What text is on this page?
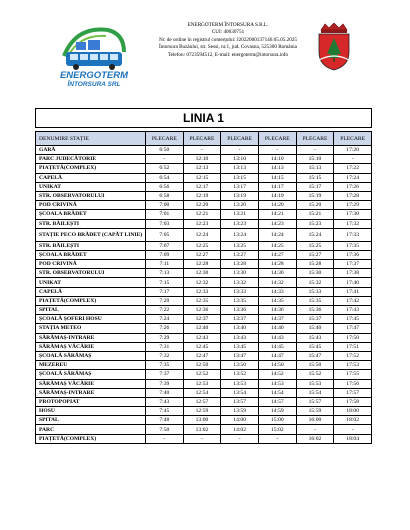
ENERGOTERM
ÎNTORSURA SRL
ENERGOTERM ÎNTORSURA S.R.L.
CUI: 40030751
Nr. de ordine în registrul comerțului: J2022000137146.05.05.2025
Întorsura Buzăului, str. Sessi, nr.1, jud. Covasna, 525300 România
Telefon: 0723594512, E-mail: energoterm@intorsura.info
LINIA 1
DENUMIRE STAȚIE	PLECARE	PLECARE	PLECARE	PLECARE	PLECARE	PLECARE
GARĂ	6:50	-	-	-	-	17:20
PARC JUDECĂTORIE	-	12:10	13:10	14:10	15:10	-
PIAȚETĂ(COMPLEX)	6:52	12:13	13:13	14:13	15:13	17:22
CAPELĂ	6:54	12:15	13:15	14:15	15:15	17:24
UNIKAT	6:56	12:17	13:17	14:17	15:17	17:26
STR. OBSERVATORULUI	6:58	12:19	13:19	14:19	15:19	17:28
POD CRIVINĂ	7:00	12:20	13:20	14:20	15:20	17:29
ȘCOALA BRĂDET	7:01	12:21	13:21	14:21	15:21	17:30
STR. BĂILEȘTI	7:03	12:23	13:23	14:23	15:23	17:32
STAȚIE PECO BRĂDET (CAPĂT LINIE)	7:05	12:24	13:24	14:24	15:24	17:33
STR. BĂILEȘTI	7:07	12:25	13:25	14:25	15:25	17:35
ȘCOALA BRĂDET	7:09	12:27	13:27	14:27	15:27	17:36
POD CRIVINĂ	7:11	12:28	13:28	14:28	15:28	17:37
STR. OBSERVATORULUI	7:13	12:30	13:30	14:30	15:30	17:38
UNIKAT	7:15	12:32	13:32	14:32	15:32	17:40
CAPELĂ	7:17	12:33	13:33	14:33	15:33	17:41
PIAȚETĂ(COMPLEX)	7:20	12:35	13:35	14:35	15:35	17:42
SPITAL	7:22	12:36	13:36	14:36	15:36	17:43
ȘCOALĂ ȘOFERI HOSU	7:24	12:37	13:37	14:37	15:37	17:45
STAȚIA METEO	7:26	12:40	13:40	14:40	15:40	17:47
SĂRĂMAȘ-INTRARE	7:29	12:43	13:43	14:43	15:43	17:50
SĂRĂMAȘ VĂCĂRIE	7:31	12:45	13:45	14:45	15:45	17:51
ȘCOALĂ SĂRĂMAȘ	7:32	12:47	13:47	14:47	15:47	17:52
MEZEREU	7:35	12:50	13:50	14:50	15:50	17:53
ȘCOALĂ SĂRĂMAȘ	7:37	12:52	13:52	14:52	15:52	17:55
SĂRĂMAȘ VĂCĂRIE	7:39	12:53	13:53	14:53	15:53	17:56
SĂRĂMAȘ-INTRARE	7:40	12:54	13:54	14:54	15:54	17:57
PROTOPOPIAT	7:43	12:57	13:57	14:57	15:57	17:58
HOSU	7:45	12:59	13:59	14:59	15:59	18:00
SPITAL	7:48	13:00	14:00	15:00	16:00	18:02
PARC	7:50	13:02	14:02	15:02	-	-
PIAȚETĂ(COMPLEX)	-	-	-	-	16:02	18:04
